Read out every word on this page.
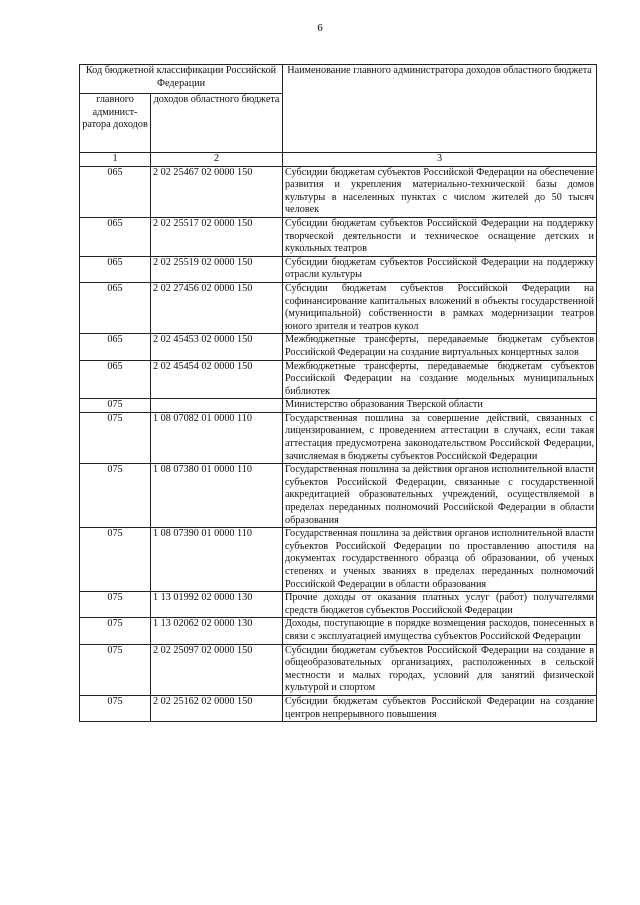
6
Код бюджетной классификации Российской Федерации		Наименование главного администратора доходов областного бюджета
главного админист-ратора доходов	доходов областного бюджета	
1	2	3
065	2 02 25467 02 0000 150	Субсидии бюджетам субъектов Российской Федерации на обеспечение развития и укрепления материально-технической базы домов культуры в населенных пунктах с числом жителей до 50 тысяч человек
065	2 02 25517 02 0000 150	Субсидии бюджетам субъектов Российской Федерации на поддержку творческой деятельности и техническое оснащение детских и кукольных театров
065	2 02 25519 02 0000 150	Субсидии бюджетам субъектов Российской Федерации на поддержку отрасли культуры
065	2 02 27456 02 0000 150	Субсидии бюджетам субъектов Российской Федерации на софинансирование капитальных вложений в объекты государственной (муниципальной) собственности в рамках модернизации театров юного зрителя и театров кукол
065	2 02 45453 02 0000 150	Межбюджетные трансферты, передаваемые бюджетам субъектов Российской Федерации на создание виртуальных концертных залов
065	2 02 45454 02 0000 150	Межбюджетные трансферты, передаваемые бюджетам субъектов Российской Федерации на создание модельных муниципальных библиотек
075		Министерство образования Тверской области
075	1 08 07082 01 0000 110	Государственная пошлина за совершение действий, связанных с лицензированием, с проведением аттестации в случаях, если такая аттестация предусмотрена законодательством Российской Федерации, зачисляемая в бюджеты субъектов Российской Федерации
075	1 08 07380 01 0000 110	Государственная пошлина за действия органов исполнительной власти субъектов Российской Федерации, связанные с государственной аккредитацией образовательных учреждений, осуществляемой в пределах переданных полномочий Российской Федерации в области образования
075	1 08 07390 01 0000 110	Государственная пошлина за действия органов исполнительной власти субъектов Российской Федерации по проставлению апостиля на документах государственного образца об образовании, об ученых степенях и ученых званиях в пределах переданных полномочий Российской Федерации в области образования
075	1 13 01992 02 0000 130	Прочие доходы от оказания платных услуг (работ) получателями средств бюджетов субъектов Российской Федерации
075	1 13 02062 02 0000 130	Доходы, поступающие в порядке возмещения расходов, понесенных в связи с эксплуатацией имущества субъектов Российской Федерации
075	2 02 25097 02 0000 150	Субсидии бюджетам субъектов Российской Федерации на создание в общеобразовательных организациях, расположенных в сельской местности и малых городах, условий для занятий физической культурой и спортом
075	2 02 25162 02 0000 150	Субсидии бюджетам субъектов Российской Федерации на создание центров непрерывного повышения
